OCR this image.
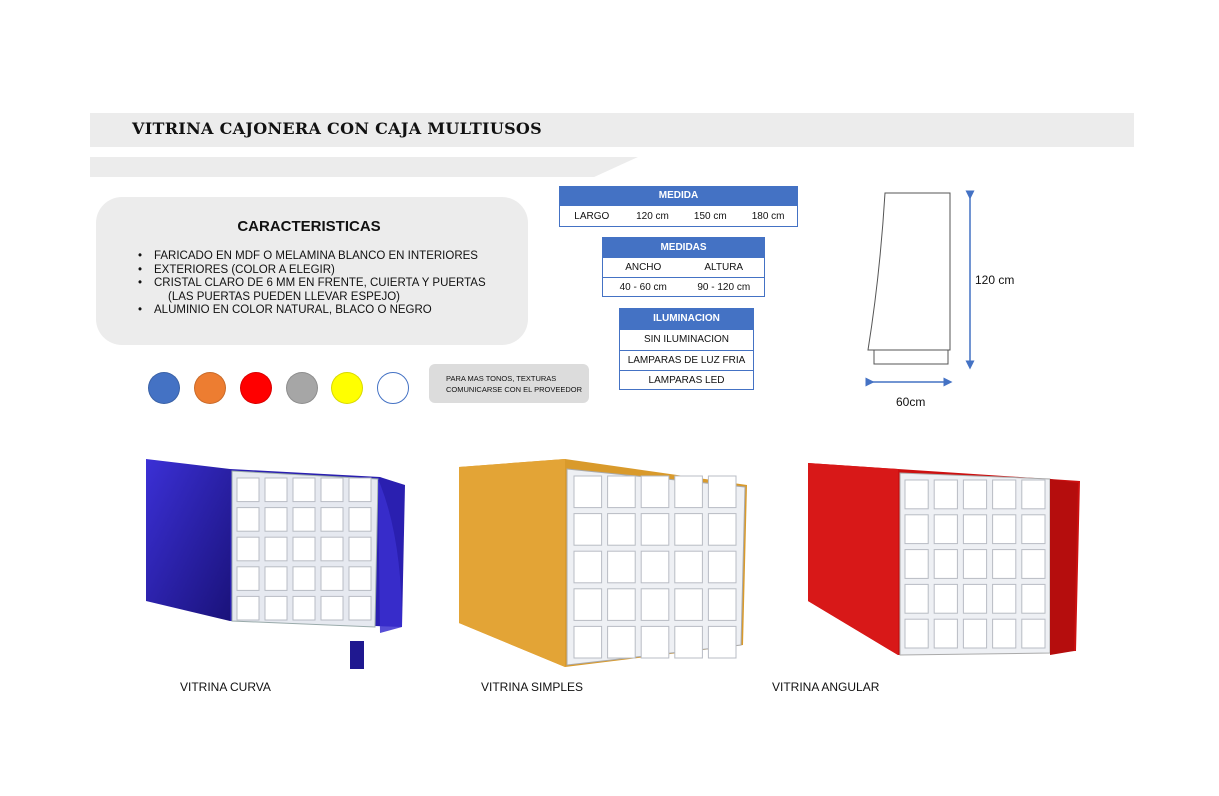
VITRINA CAJONERA CON CAJA MULTIUSOS
CARACTERISTICAS
• FARICADO EN MDF O MELAMINA BLANCO EN INTERIORES
• EXTERIORES (COLOR A ELEGIR)
• CRISTAL CLARO DE 6 MM EN FRENTE, CUIERTA Y PUERTAS
(LAS PUERTAS PUEDEN LLEVAR ESPEJO)
• ALUMINIO EN COLOR NATURAL, BLACO O NEGRO
PARA MAS TONOS, TEXTURAS
COMUNICARSE CON EL PROVEEDOR
MEDIDA
LARGO	120 cm	150 cm	180 cm
MEDIDAS
ANCHO	ALTURA
40 - 60 cm	90 - 120 cm
ILUMINACION
SIN ILUMINACION
LAMPARAS DE LUZ FRIA
LAMPARAS LED
120 cm
60cm
VITRINA CURVA	VITRINA SIMPLES	VITRINA ANGULAR
